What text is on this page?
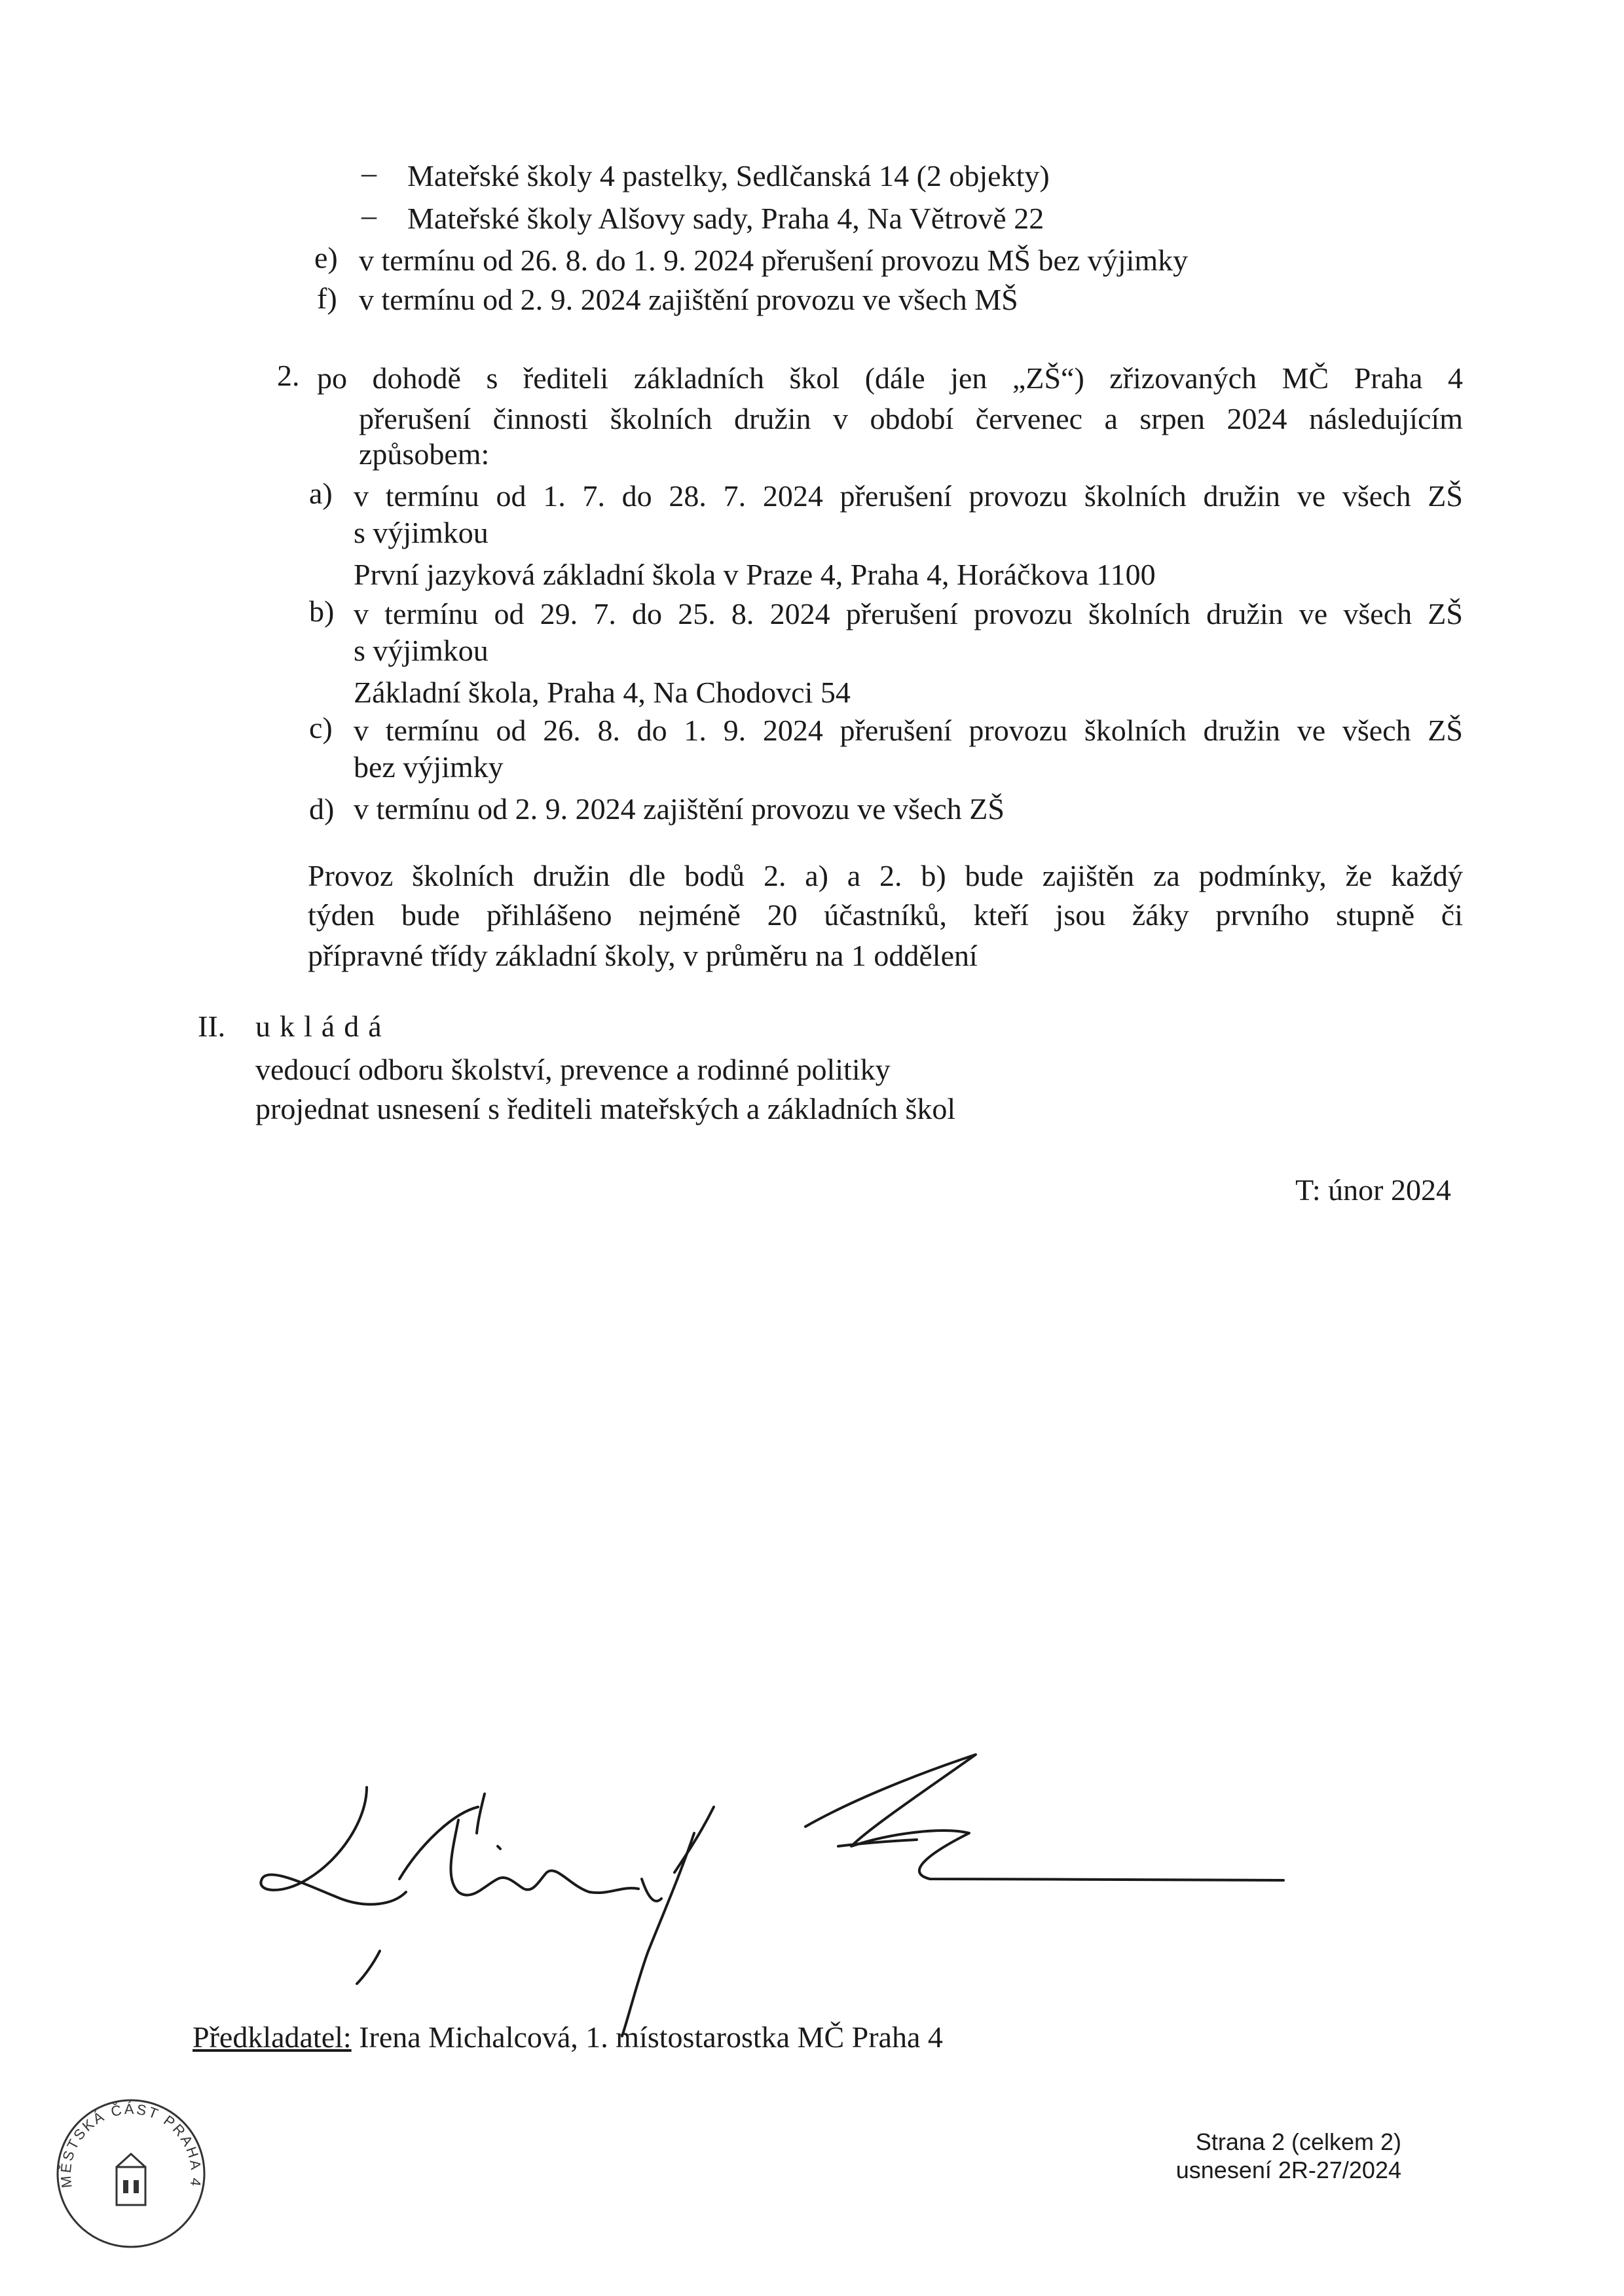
– Mateřské školy 4 pastelky, Sedlčanská 14 (2 objekty)
– Mateřské školy Alšovy sady, Praha 4, Na Větrově 22
e) v termínu od 26. 8. do 1. 9. 2024 přerušení provozu MŠ bez výjimky
f) v termínu od 2. 9. 2024 zajištění provozu ve všech MŠ
2. po dohodě s řediteli základních škol (dále jen „ZŠ“) zřizovaných MČ Praha 4
přerušení činnosti školních družin v období červenec a srpen 2024 následujícím
způsobem:
a) v termínu od 1. 7. do 28. 7. 2024 přerušení provozu školních družin ve všech ZŠ
s výjimkou
První jazyková základní škola v Praze 4, Praha 4, Horáčkova 1100
b) v termínu od 29. 7. do 25. 8. 2024 přerušení provozu školních družin ve všech ZŠ
s výjimkou
Základní škola, Praha 4, Na Chodovci 54
c) v termínu od 26. 8. do 1. 9. 2024 přerušení provozu školních družin ve všech ZŠ
bez výjimky
d) v termínu od 2. 9. 2024 zajištění provozu ve všech ZŠ
Provoz školních družin dle bodů 2. a) a 2. b) bude zajištěn za podmínky, že každý
týden bude přihlášeno nejméně 20 účastníků, kteří jsou žáky prvního stupně či
přípravné třídy základní školy, v průměru na 1 oddělení
II. ukládá
vedoucí odboru školství, prevence a rodinné politiky
projednat usnesení s řediteli mateřských a základních škol
T: únor 2024
Předkladatel: Irena Michalcová, 1. místostarostka MČ Praha 4
MĚSTSKÁ ČÁST PRAHA 4
Strana 2 (celkem 2)
usnesení 2R-27/2024
